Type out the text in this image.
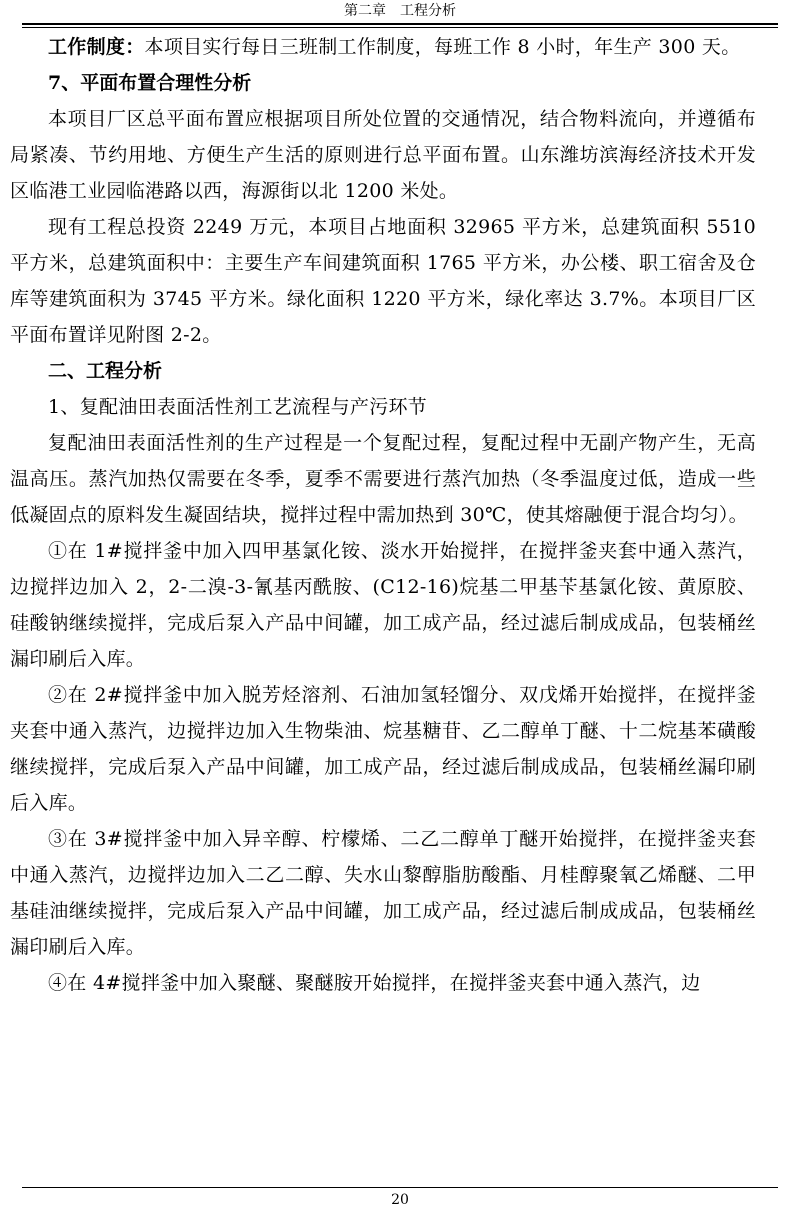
第二章　工程分析

工作制度：本项目实行每日三班制工作制度，每班工作 8 小时，年生产 300 天。

7、平面布置合理性分析

本项目厂区总平面布置应根据项目所处位置的交通情况，结合物料流向，并遵循布局紧凑、节约用地、方便生产生活的原则进行总平面布置。山东潍坊滨海经济技术开发区临港工业园临港路以西，海源街以北 1200 米处。

现有工程总投资 2249 万元，本项目占地面积 32965 平方米，总建筑面积 5510 平方米，总建筑面积中：主要生产车间建筑面积 1765 平方米，办公楼、职工宿舍及仓库等建筑面积为 3745 平方米。绿化面积 1220 平方米，绿化率达 3.7%。本项目厂区平面布置详见附图 2-2。

二、工程分析

1、复配油田表面活性剂工艺流程与产污环节

复配油田表面活性剂的生产过程是一个复配过程，复配过程中无副产物产生，无高温高压。蒸汽加热仅需要在冬季，夏季不需要进行蒸汽加热（冬季温度过低，造成一些低凝固点的原料发生凝固结块，搅拌过程中需加热到 30℃，使其熔融便于混合均匀）。

①在 1#搅拌釜中加入四甲基氯化铵、淡水开始搅拌，在搅拌釜夹套中通入蒸汽，边搅拌边加入 2，2-二溴-3-氰基丙酰胺、(C12-16)烷基二甲基苄基氯化铵、黄原胶、硅酸钠继续搅拌，完成后泵入产品中间罐，加工成产品，经过滤后制成成品，包装桶丝漏印刷后入库。

②在 2#搅拌釜中加入脱芳烃溶剂、石油加氢轻馏分、双戊烯开始搅拌，在搅拌釜夹套中通入蒸汽，边搅拌边加入生物柴油、烷基糖苷、乙二醇单丁醚、十二烷基苯磺酸继续搅拌，完成后泵入产品中间罐，加工成产品，经过滤后制成成品，包装桶丝漏印刷后入库。

③在 3#搅拌釜中加入异辛醇、柠檬烯、二乙二醇单丁醚开始搅拌，在搅拌釜夹套中通入蒸汽，边搅拌边加入二乙二醇、失水山黎醇脂肪酸酯、月桂醇聚氧乙烯醚、二甲基硅油继续搅拌，完成后泵入产品中间罐，加工成产品，经过滤后制成成品，包装桶丝漏印刷后入库。

④在 4#搅拌釜中加入聚醚、聚醚胺开始搅拌，在搅拌釜夹套中通入蒸汽，边

20
